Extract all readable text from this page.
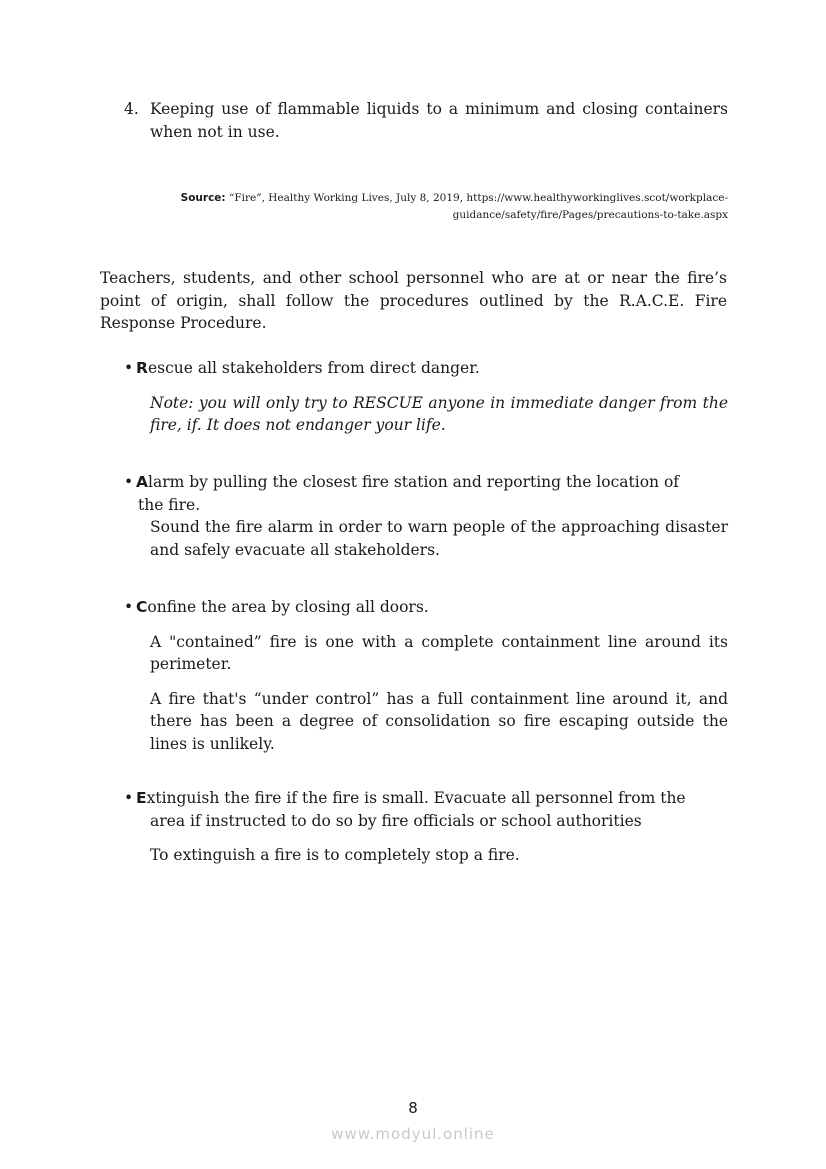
4. Keeping use of flammable liquids to a minimum and closing containers when not in use.
Source: “Fire”, Healthy Working Lives, July 8, 2019, https://www.healthyworkinglives.scot/workplace-guidance/safety/fire/Pages/precautions-to-take.aspx
Teachers, students, and other school personnel who are at or near the fire’s point of origin, shall follow the procedures outlined by the R.A.C.E. Fire Response Procedure.

• Rescue all stakeholders from direct danger.

Note: you will only try to RESCUE anyone in immediate danger from the fire, if. It does not endanger your life.

• Alarm by pulling the closest fire station and reporting the location of

the fire.

Sound the fire alarm in order to warn people of the approaching disaster and safely evacuate all stakeholders.

• Confine the area by closing all doors.

A "contained” fire is one with a complete containment line around its perimeter.
A fire that's “under control” has a full containment line around it, and there has been a degree of consolidation so fire escaping outside the lines is unlikely.

• Extinguish the fire if the fire is small. Evacuate all personnel from the

area if instructed to do so by fire officials or school authorities
To extinguish a fire is to completely stop a fire.
8
www.modyul.online
